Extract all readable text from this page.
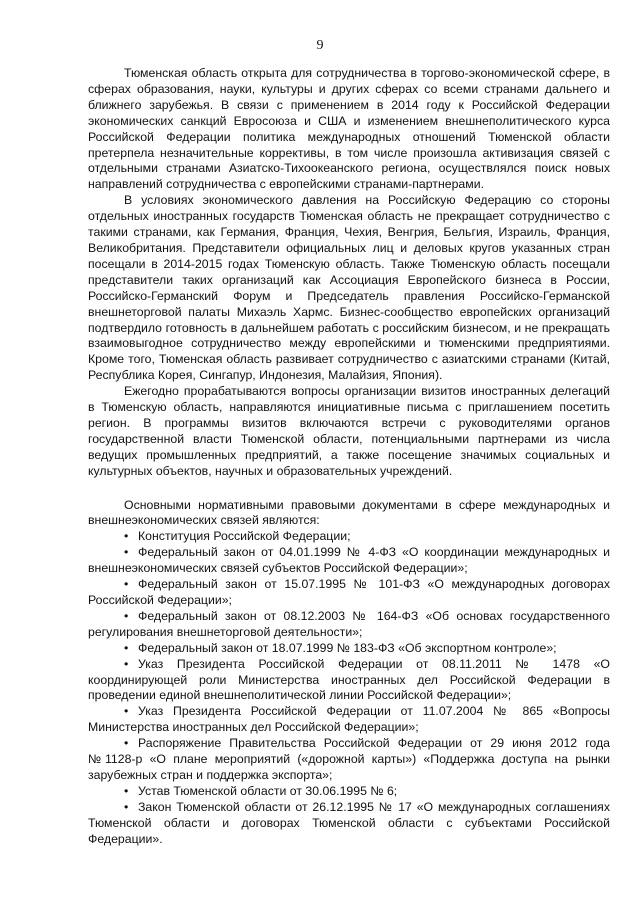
9

Тюменская область открыта для сотрудничества в торгово-экономической сфере, в сферах образования, науки, культуры и других сферах со всеми странами дальнего и ближнего зарубежья. В связи с применением в 2014 году к Российской Федерации экономических санкций Евросоюза и США и изменением внешнеполитического курса Российской Федерации политика международных отношений Тюменской области претерпела незначительные коррективы, в том числе произошла активизация связей с отдельными странами Азиатско-Тихоокеанского региона, осуществлялся поиск новых направлений сотрудничества с европейскими странами-партнерами.

В условиях экономического давления на Российскую Федерацию со стороны отдельных иностранных государств Тюменская область не прекращает сотрудничество с такими странами, как Германия, Франция, Чехия, Венгрия, Бельгия, Израиль, Франция, Великобритания. Представители официальных лиц и деловых кругов указанных стран посещали в 2014-2015 годах Тюменскую область. Также Тюменскую область посещали представители таких организаций как Ассоциация Европейского бизнеса в России, Российско-Германский Форум и Председатель правления Российско-Германской внешнеторговой палаты Михаэль Хармс. Бизнес-сообщество европейских организаций подтвердило готовность в дальнейшем работать с российским бизнесом, и не прекращать взаимовыгодное сотрудничество между европейскими и тюменскими предприятиями. Кроме того, Тюменская область развивает сотрудничество с азиатскими странами (Китай, Республика Корея, Сингапур, Индонезия, Малайзия, Япония).

Ежегодно прорабатываются вопросы организации визитов иностранных делегаций в Тюменскую область, направляются инициативные письма с приглашением посетить регион. В программы визитов включаются встречи с руководителями органов государственной власти Тюменской области, потенциальными партнерами из числа ведущих промышленных предприятий, а также посещение значимых социальных и культурных объектов, научных и образовательных учреждений.

Основными нормативными правовыми документами в сфере международных и внешнеэкономических связей являются:

• Конституция Российской Федерации;

• Федеральный закон от 04.01.1999 № 4-ФЗ «О координации международных и внешнеэкономических связей субъектов Российской Федерации»;

• Федеральный закон от 15.07.1995 № 101-ФЗ «О международных договорах Российской Федерации»;

• Федеральный закон от 08.12.2003 № 164-ФЗ «Об основах государственного регулирования внешнеторговой деятельности»;

• Федеральный закон от 18.07.1999 № 183-ФЗ «Об экспортном контроле»;

• Указ Президента Российской Федерации от 08.11.2011 № 1478 «О координирующей роли Министерства иностранных дел Российской Федерации в проведении единой внешнеполитической линии Российской Федерации»;

• Указ Президента Российской Федерации от 11.07.2004 № 865 «Вопросы Министерства иностранных дел Российской Федерации»;

• Распоряжение Правительства Российской Федерации от 29 июня 2012 года №1128-р «О плане мероприятий («дорожной карты») «Поддержка доступа на рынки зарубежных стран и поддержка экспорта»;

• Устав Тюменской области от 30.06.1995 № 6;

• Закон Тюменской области от 26.12.1995 № 17 «О международных соглашениях Тюменской области и договорах Тюменской области с субъектами Российской Федерации».
